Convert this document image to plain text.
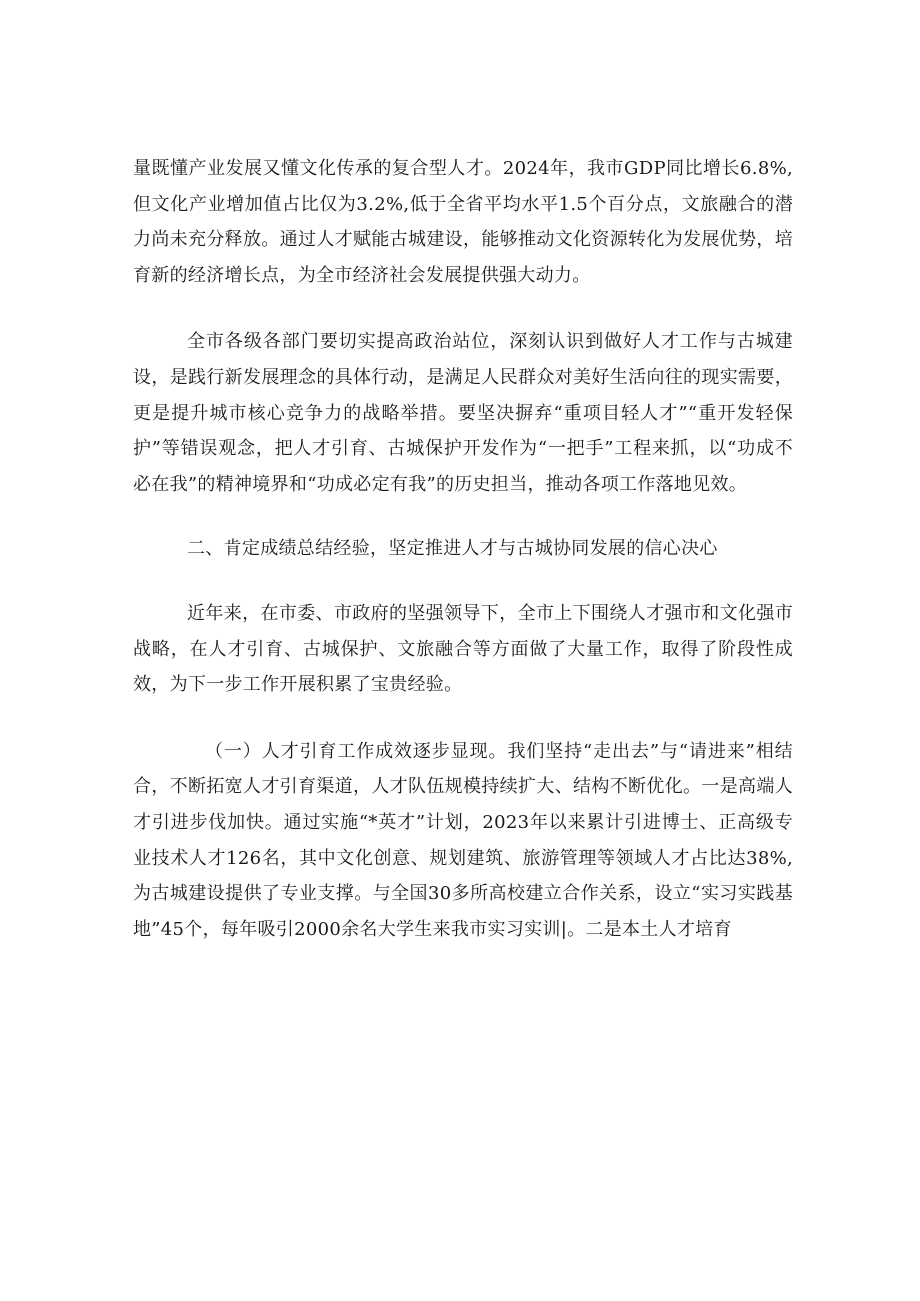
量既懂产业发展又懂文化传承的复合型人才。2024年，我市GDP同比增长6.8%,但文化产业增加值占比仅为3.2%,低于全省平均水平1.5个百分点，文旅融合的潜力尚未充分释放。通过人才赋能古城建设，能够推动文化资源转化为发展优势，培育新的经济增长点，为全市经济社会发展提供强大动力。

全市各级各部门要切实提高政治站位，深刻认识到做好人才工作与古城建设，是践行新发展理念的具体行动，是满足人民群众对美好生活向往的现实需要，更是提升城市核心竞争力的战略举措。要坚决摒弃“重项目轻人才”“重开发轻保护”等错误观念，把人才引育、古城保护开发作为“一把手”工程来抓，以“功成不必在我”的精神境界和“功成必定有我”的历史担当，推动各项工作落地见效。

二、肯定成绩总结经验，坚定推进人才与古城协同发展的信心决心

近年来，在市委、市政府的坚强领导下，全市上下围绕人才强市和文化强市战略，在人才引育、古城保护、文旅融合等方面做了大量工作，取得了阶段性成效，为下一步工作开展积累了宝贵经验。

（一）人才引育工作成效逐步显现。我们坚持“走出去”与“请进来”相结合，不断拓宽人才引育渠道，人才队伍规模持续扩大、结构不断优化。一是高端人才引进步伐加快。通过实施“*英才”计划，2023年以来累计引进博士、正高级专业技术人才126名，其中文化创意、规划建筑、旅游管理等领域人才占比达38%,为古城建设提供了专业支撑。与全国30多所高校建立合作关系，设立“实习实践基地”45个，每年吸引2000余名大学生来我市实习实训|。二是本土人才培育
